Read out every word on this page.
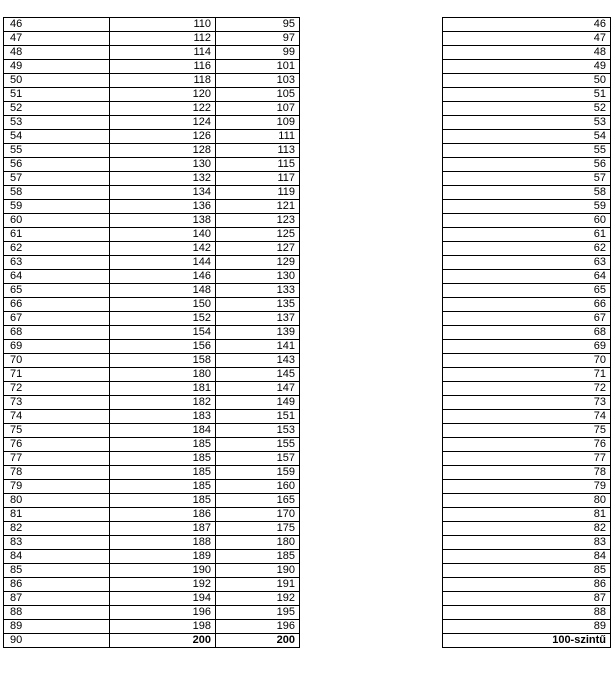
46	110	95
47	112	97
48	114	99
49	116	101
50	118	103
51	120	105
52	122	107
53	124	109
54	126	111
55	128	113
56	130	115
57	132	117
58	134	119
59	136	121
60	138	123
61	140	125
62	142	127
63	144	129
64	146	130
65	148	133
66	150	135
67	152	137
68	154	139
69	156	141
70	158	143
71	180	145
72	181	147
73	182	149
74	183	151
75	184	153
76	185	155
77	185	157
78	185	159
79	185	160
80	185	165
81	186	170
82	187	175
83	188	180
84	189	185
85	190	190
86	192	191
87	194	192
88	196	195
89	198	196
90	200	200
46
47
48
49
50
51
52
53
54
55
56
57
58
59
60
61
62
63
64
65
66
67
68
69
70
71
72
73
74
75
76
77
78
79
80
81
82
83
84
85
86
87
88
89
100-szintű
